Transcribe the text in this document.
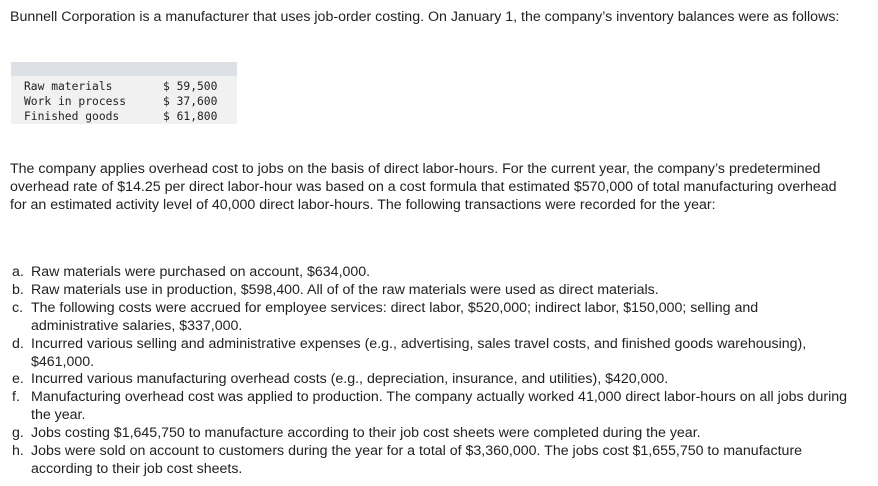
Bunnell Corporation is a manufacturer that uses job-order costing. On January 1, the company’s inventory balances were as follows:

Raw materials	$ 59,500
Work in process	$ 37,600
Finished goods	$ 61,800

The company applies overhead cost to jobs on the basis of direct labor-hours. For the current year, the company’s predetermined overhead rate of $14.25 per direct labor-hour was based on a cost formula that estimated $570,000 of total manufacturing overhead for an estimated activity level of 40,000 direct labor-hours. The following transactions were recorded for the year:

a. Raw materials were purchased on account, $634,000.
b. Raw materials use in production, $598,400. All of of the raw materials were used as direct materials.
c. The following costs were accrued for employee services: direct labor, $520,000; indirect labor, $150,000; selling and administrative salaries, $337,000.
d. Incurred various selling and administrative expenses (e.g., advertising, sales travel costs, and finished goods warehousing), $461,000.
e. Incurred various manufacturing overhead costs (e.g., depreciation, insurance, and utilities), $420,000.
f. Manufacturing overhead cost was applied to production. The company actually worked 41,000 direct labor-hours on all jobs during the year.
g. Jobs costing $1,645,750 to manufacture according to their job cost sheets were completed during the year.
h. Jobs were sold on account to customers during the year for a total of $3,360,000. The jobs cost $1,655,750 to manufacture according to their job cost sheets.
